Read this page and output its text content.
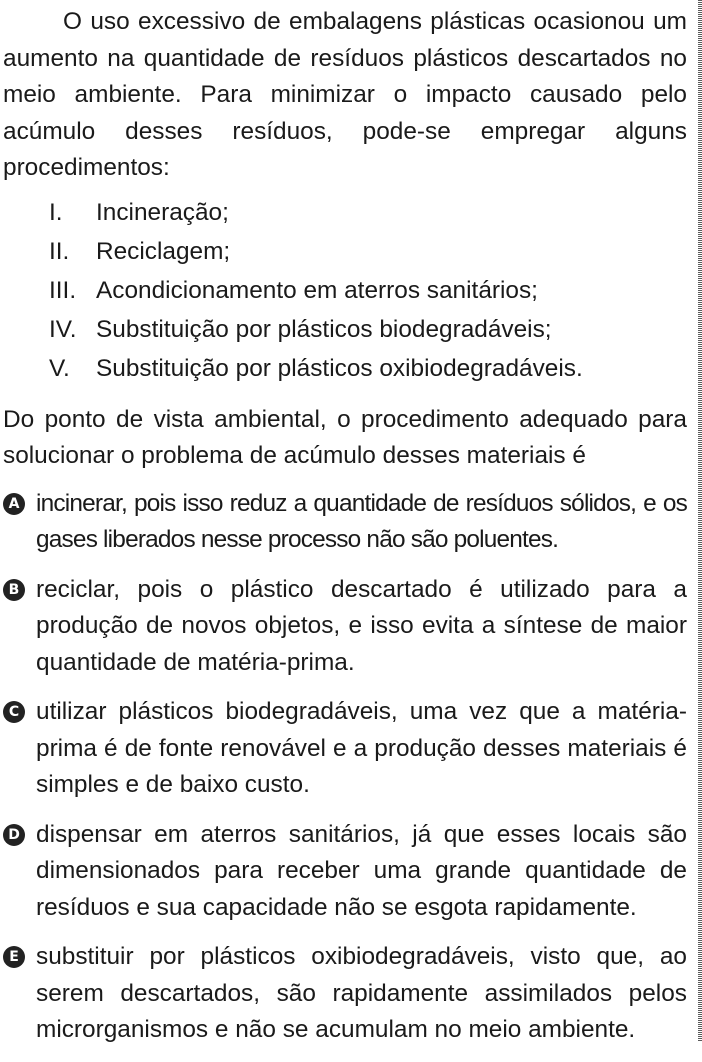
O uso excessivo de embalagens plásticas ocasionou um aumento na quantidade de resíduos plásticos descartados no meio ambiente. Para minimizar o impacto causado pelo acúmulo desses resíduos, pode-se empregar alguns procedimentos:

I.	Incineração;
II.	Reciclagem;
III. Acondicionamento em aterros sanitários;
IV. Substituição por plásticos biodegradáveis;
V.	Substituição por plásticos oxibiodegradáveis.

Do ponto de vista ambiental, o procedimento adequado para solucionar o problema de acúmulo desses materiais é

A incinerar, pois isso reduz a quantidade de resíduos sólidos, e os gases liberados nesse processo não são poluentes.
B reciclar, pois o plástico descartado é utilizado para a produção de novos objetos, e isso evita a síntese de maior quantidade de matéria-prima.
C utilizar plásticos biodegradáveis, uma vez que a matéria-prima é de fonte renovável e a produção desses materiais é simples e de baixo custo.
D dispensar em aterros sanitários, já que esses locais são dimensionados para receber uma grande quantidade de resíduos e sua capacidade não se esgota rapidamente.
E substituir por plásticos oxibiodegradáveis, visto que, ao serem descartados, são rapidamente assimilados pelos microrganismos e não se acumulam no meio ambiente.
